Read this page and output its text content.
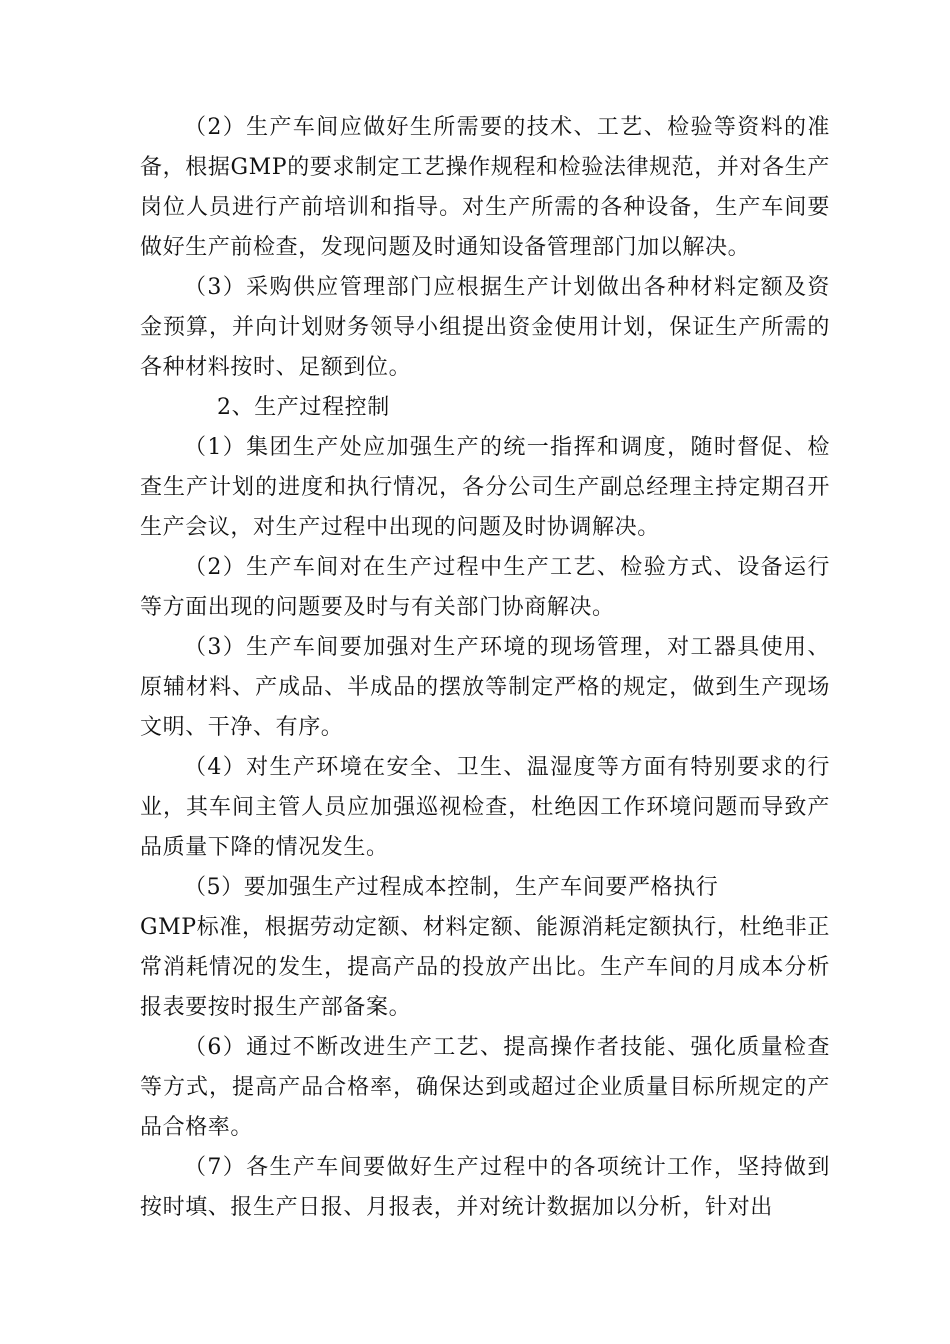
（2）生产车间应做好生所需要的技术、工艺、检验等资料的准备，根据GMP的要求制定工艺操作规程和检验法律规范，并对各生产岗位人员进行产前培训和指导。对生产所需的各种设备，生产车间要做好生产前检查，发现问题及时通知设备管理部门加以解决。

（3）采购供应管理部门应根据生产计划做出各种材料定额及资金预算，并向计划财务领导小组提出资金使用计划，保证生产所需的各种材料按时、足额到位。

2、生产过程控制

（1）集团生产处应加强生产的统一指挥和调度，随时督促、检查生产计划的进度和执行情况，各分公司生产副总经理主持定期召开生产会议，对生产过程中出现的问题及时协调解决。

（2）生产车间对在生产过程中生产工艺、检验方式、设备运行等方面出现的问题要及时与有关部门协商解决。

（3）生产车间要加强对生产环境的现场管理，对工器具使用、原辅材料、产成品、半成品的摆放等制定严格的规定，做到生产现场文明、干净、有序。

（4）对生产环境在安全、卫生、温湿度等方面有特别要求的行业，其车间主管人员应加强巡视检查，杜绝因工作环境问题而导致产品质量下降的情况发生。

（5）要加强生产过程成本控制，生产车间要严格执行

GMP标准，根据劳动定额、材料定额、能源消耗定额执行，杜绝非正常消耗情况的发生，提高产品的投放产出比。生产车间的月成本分析报表要按时报生产部备案。

（6）通过不断改进生产工艺、提高操作者技能、强化质量检查等方式，提高产品合格率，确保达到或超过企业质量目标所规定的产品合格率。

（7）各生产车间要做好生产过程中的各项统计工作，坚持做到按时填、报生产日报、月报表，并对统计数据加以分析，针对出
